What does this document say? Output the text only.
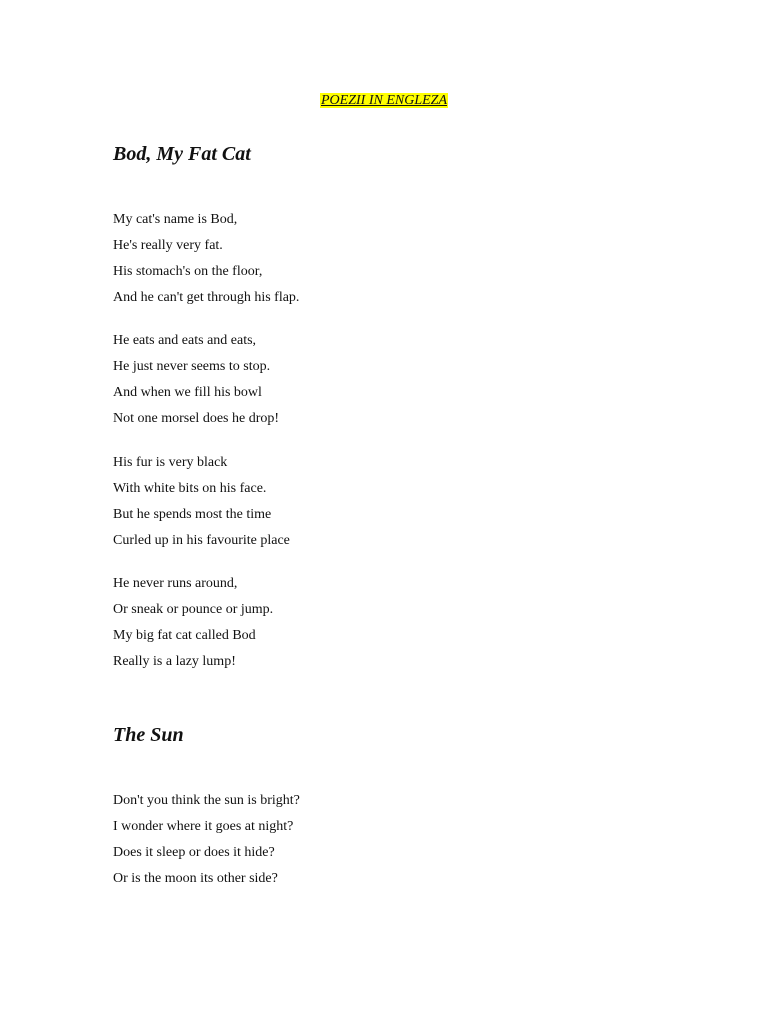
POEZII IN ENGLEZA
Bod, My Fat Cat
My cat's name is Bod,
He's really very fat.
His stomach's on the floor,
And he can't get through his flap.
He eats and eats and eats,
He just never seems to stop.
And when we fill his bowl
Not one morsel does he drop!
His fur is very black
With white bits on his face.
But he spends most the time
Curled up in his favourite place
He never runs around,
Or sneak or pounce or jump.
My big fat cat called Bod
Really is a lazy lump!
The Sun
Don't you think the sun is bright?
I wonder where it goes at night?
Does it sleep or does it hide?
Or is the moon its other side?
